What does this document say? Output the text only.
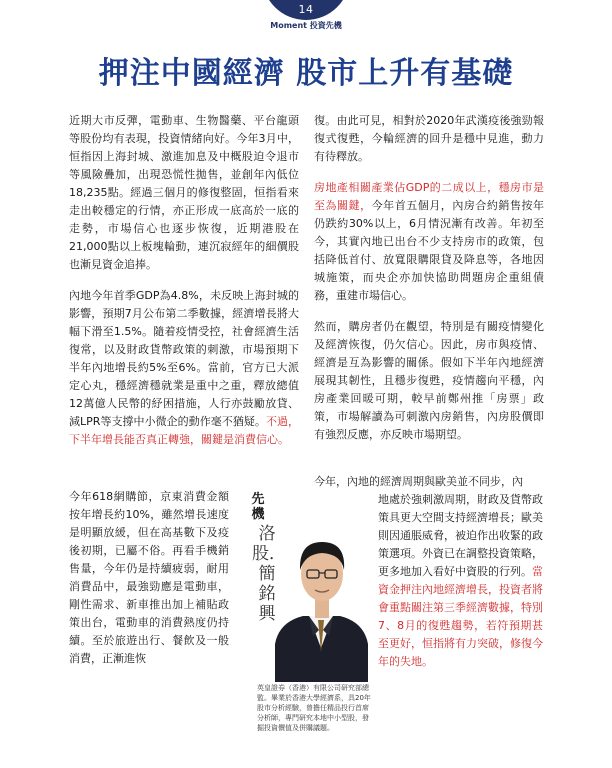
14
Moment 投資先機
押注中國經濟 股市上升有基礎

近期大市反彈，電動車、生物醫藥、平台龍頭等股份均有表現，投資情緒向好。今年3月中，恒指因上海封城、激進加息及中概股迫令退市等風險疊加，出現恐慌性拋售，並創年內低位18,235點。經過三個月的修復整固，恒指看來走出較穩定的行情，亦正形成一底高於一底的走勢，市場信心也逐步恢復，近期港股在21,000點以上板塊輪動，連沉寂經年的細價股也漸見資金追捧。

內地今年首季GDP為4.8%，未反映上海封城的影響，預期7月公布第二季數據，經濟增長將大幅下滑至1.5%。隨着疫情受控，社會經濟生活復常，以及財政貨幣政策的刺激，市場預期下半年內地增長約5%至6%。當前，官方已大派定心丸，穩經濟穩就業是重中之重，釋放總值12萬億人民幣的紓困措施，人行亦鼓勵放貸、減LPR等支撐中小微企的動作毫不猶疑。不過，下半年增長能否真正轉強，關鍵是消費信心。

復。由此可見，相對於2020年武漢疫後強勁報復式復甦，今輪經濟的回升是穩中見進，動力有待釋放。

房地產相關產業佔GDP的二成以上，穩房市是至為關鍵，今年首五個月，內房合約銷售按年仍跌約30%以上，6月情況漸有改善。年初至今，其實內地已出台不少支持房市的政策，包括降低首付、放寬限購限貸及降息等，各地因城施策，而央企亦加快協助問題房企重組債務，重建市場信心。

然而，購房者仍在觀望，特別是有關疫情變化及經濟恢復，仍欠信心。因此，房市與疫情、經濟是互為影響的關係。假如下半年內地經濟展現其韌性，且穩步復甦，疫情趨向平穩，內房產業回暖可期，較早前鄭州推「房票」政策，市場解讀為可刺激內房銷售，內房股價即有強烈反應，亦反映市場期望。

今年618網購節，京東消費金額按年增長約10%，雖然增長速度是明顯放緩，但在高基數下及疫後初期，已屬不俗。再看手機銷售量，今年仍是持續疲弱，耐用消費品中，最強勁應是電動車，剛性需求、新車推出加上補貼政策出台，電動車的消費熱度仍持續。至於旅遊出行、餐飲及一般消費，正漸進恢

今年，內地的經濟周期與歐美並不同步，內

地處於強刺激周期，財政及貨幣政策具更大空間支持經濟增長；歐美則因通脹威脅，被迫作出收緊的政策選項。外資已在調整投資策略，更多地加入看好中資股的行列。當資金押注內地經濟增長，投資者將會重點關注第三季經濟數據，特別7、8月的復甦趨勢，若符預期甚至更好，恒指將有力突破，修復今年的失地。

先機
洛股．簡銘興

英皇證券（香港）有限公司研究部總監。畢業於香港大學經濟系，具20年股市分析經驗，曾擔任精品投行首席分析師，專門研究本地中小型股，發掘投資價值及併購議題。
